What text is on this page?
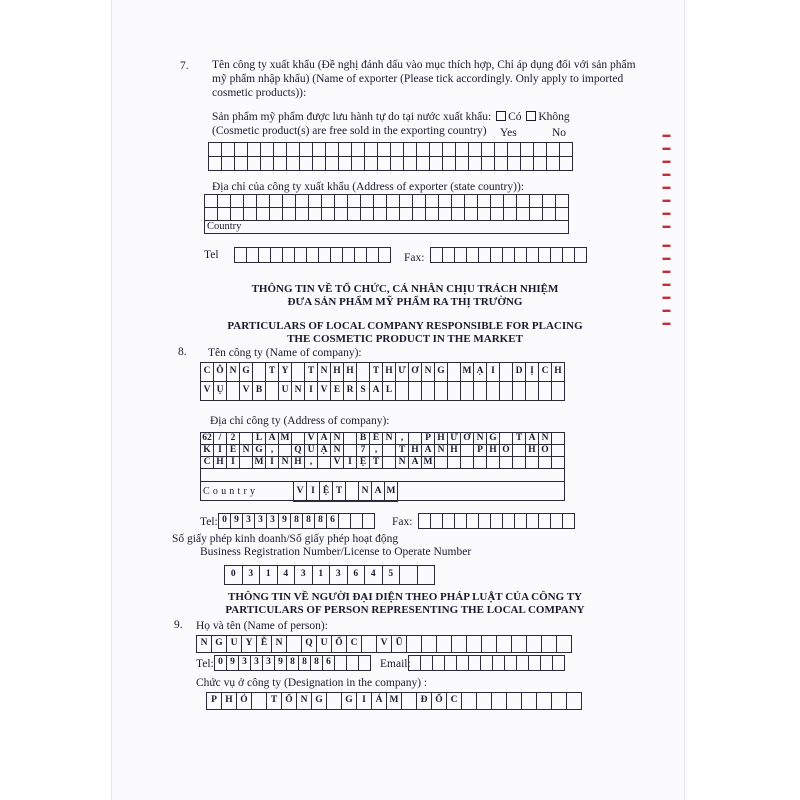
▬ ▬ ▬ ▬ ▬ ▬ ▬ ▬
▬ ▬ ▬ ▬ ▬ ▬ ▬
7. Tên công ty xuất khẩu (Đề nghị đánh dấu vào mục thích hợp, Chỉ áp dụng đối với sản phẩm
mỹ phẩm nhập khẩu) (Name of exporter (Please tick accordingly. Only apply to imported
cosmetic products)):
Sản phẩm mỹ phẩm được lưu hành tự do tại nước xuất khẩu: Có Không
(Cosmetic product(s) are free sold in the exporting country) Yes	No
Địa chỉ của công ty xuất khẩu (Address of exporter (state country)):
Country
Tel	Fax:
THÔNG TIN VỀ TỔ CHỨC, CÁ NHÂN CHỊU TRÁCH NHIỆM
ĐƯA SẢN PHẨM MỸ PHẨM RA THỊ TRƯỜNG
PARTICULARS OF LOCAL COMPANY RESPONSIBLE FOR PLACING
THE COSMETIC PRODUCT IN THE MARKET
8. Tên công ty (Name of company):
C Ô N G	T Y	T N H H	T H Ư Ơ N G	M Ạ I	D Ị C H
V Ụ	V B	U N I V E R S A L
Địa chỉ công ty (Address of company):
62 / 2	L Â M V Ă N	B Ề N ,	P H Ư Ờ N G	T Â N
K I Ể N G ,	Q U Ậ N	7 ,	T H À N H	P H Ố	H Ồ
C H Í	M I N H ,	V I Ệ T	N A M
Country	V I Ệ T	N A M
Tel: 0 9 3 3 3 9 8 8 8 6	Fax:
Số giấy phép kinh doanh/Số giấy phép hoạt động
Business Registration Number/License to Operate Number
0	3	1	4	3	1	3	6	4	5
THÔNG TIN VỀ NGƯỜI ĐẠI DIỆN THEO PHÁP LUẬT CỦA CÔNG TY
PARTICULARS OF PERSON REPRESENTING THE LOCAL COMPANY
9. Họ và tên (Name of person):
N G U Y Ễ N	Q U Ố C	V Ũ
Tel: 0 9 3 3 3 9 8 8 8 6	Email:
Chức vụ ở công ty (Designation in the company) :
P H Ó	T Ổ N G	G I	Á M	Đ Ố C
